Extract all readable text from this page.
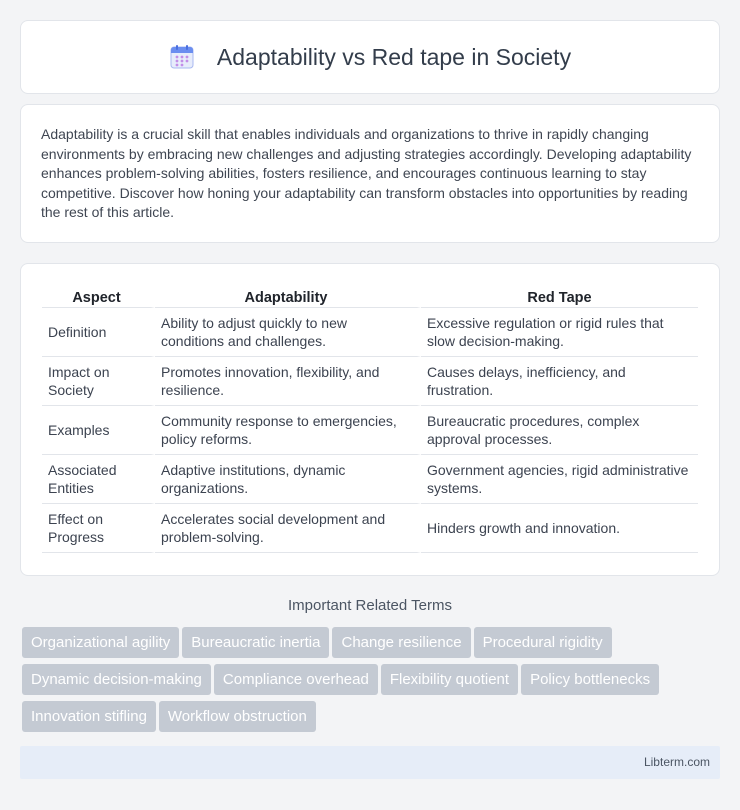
Adaptability vs Red tape in Society

Adaptability is a crucial skill that enables individuals and organizations to thrive in rapidly changing environments by embracing new challenges and adjusting strategies accordingly. Developing adaptability enhances problem-solving abilities, fosters resilience, and encourages continuous learning to stay competitive. Discover how honing your adaptability can transform obstacles into opportunities by reading the rest of this article.

Aspect	Adaptability	Red Tape
Definition	Ability to adjust quickly to new conditions and challenges.	Excessive regulation or rigid rules that slow decision-making.
Impact on Society	Promotes innovation, flexibility, and resilience.	Causes delays, inefficiency, and frustration.
Examples	Community response to emergencies, policy reforms.	Bureaucratic procedures, complex approval processes.
Associated Entities	Adaptive institutions, dynamic organizations.	Government agencies, rigid administrative systems.
Effect on Progress	Accelerates social development and problem-solving.	Hinders growth and innovation.
Important Related Terms
Organizational agility Bureaucratic inertia Change resilience Procedural rigidity
Dynamic decision-making Compliance overhead Flexibility quotient Policy bottlenecks
Innovation stifling Workflow obstruction
Libterm.com
